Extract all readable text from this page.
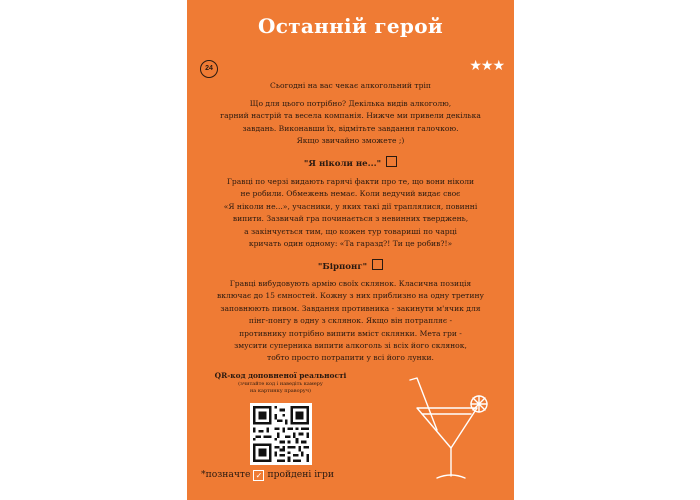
Останній герой
24	★★★
Сьогодні на вас чекає алкогольний тріп
Що для цього потрібно? Декілька видів алкоголю,
гарний настрій та весела компанія. Нижче ми привели декілька
завдань. Виконавши їх, відмітьте завдання галочкою.
Якщо звичайно зможете ;)
"Я ніколи не..."
Гравці по черзі видають гарячі факти про те, що вони ніколи
не робили. Обмежень немає. Коли ведучий видає своє
«Я ніколи не...», учасники, у яких такі дії траплялися, повинні
випити. Зазвичай гра починається з невинних тверджень,
а закінчується тим, що кожен тур товариші по чарці
кричать один одному: «Та гаразд?! Ти це робив?!»
"Бірпонг"
Гравці вибудовують армію своїх склянок. Класична позиція
включає до 15 ємностей. Кожну з них приблизно на одну третину
заповнюють пивом. Завдання противника - закинути м'ячик для
пінг-понгу в одну з склянок. Якщо він потрапляє -
противнику потрібно випити вміст склянки. Мета гри -
змусити суперника випити алкоголь зі всіх його склянок,
тобто просто потрапити у всі його лунки.
QR-код доповненої реальності
(зчитайте код і наведіть камеру
на картинку праворуч)
*позначте ✓ пройдені ігри
